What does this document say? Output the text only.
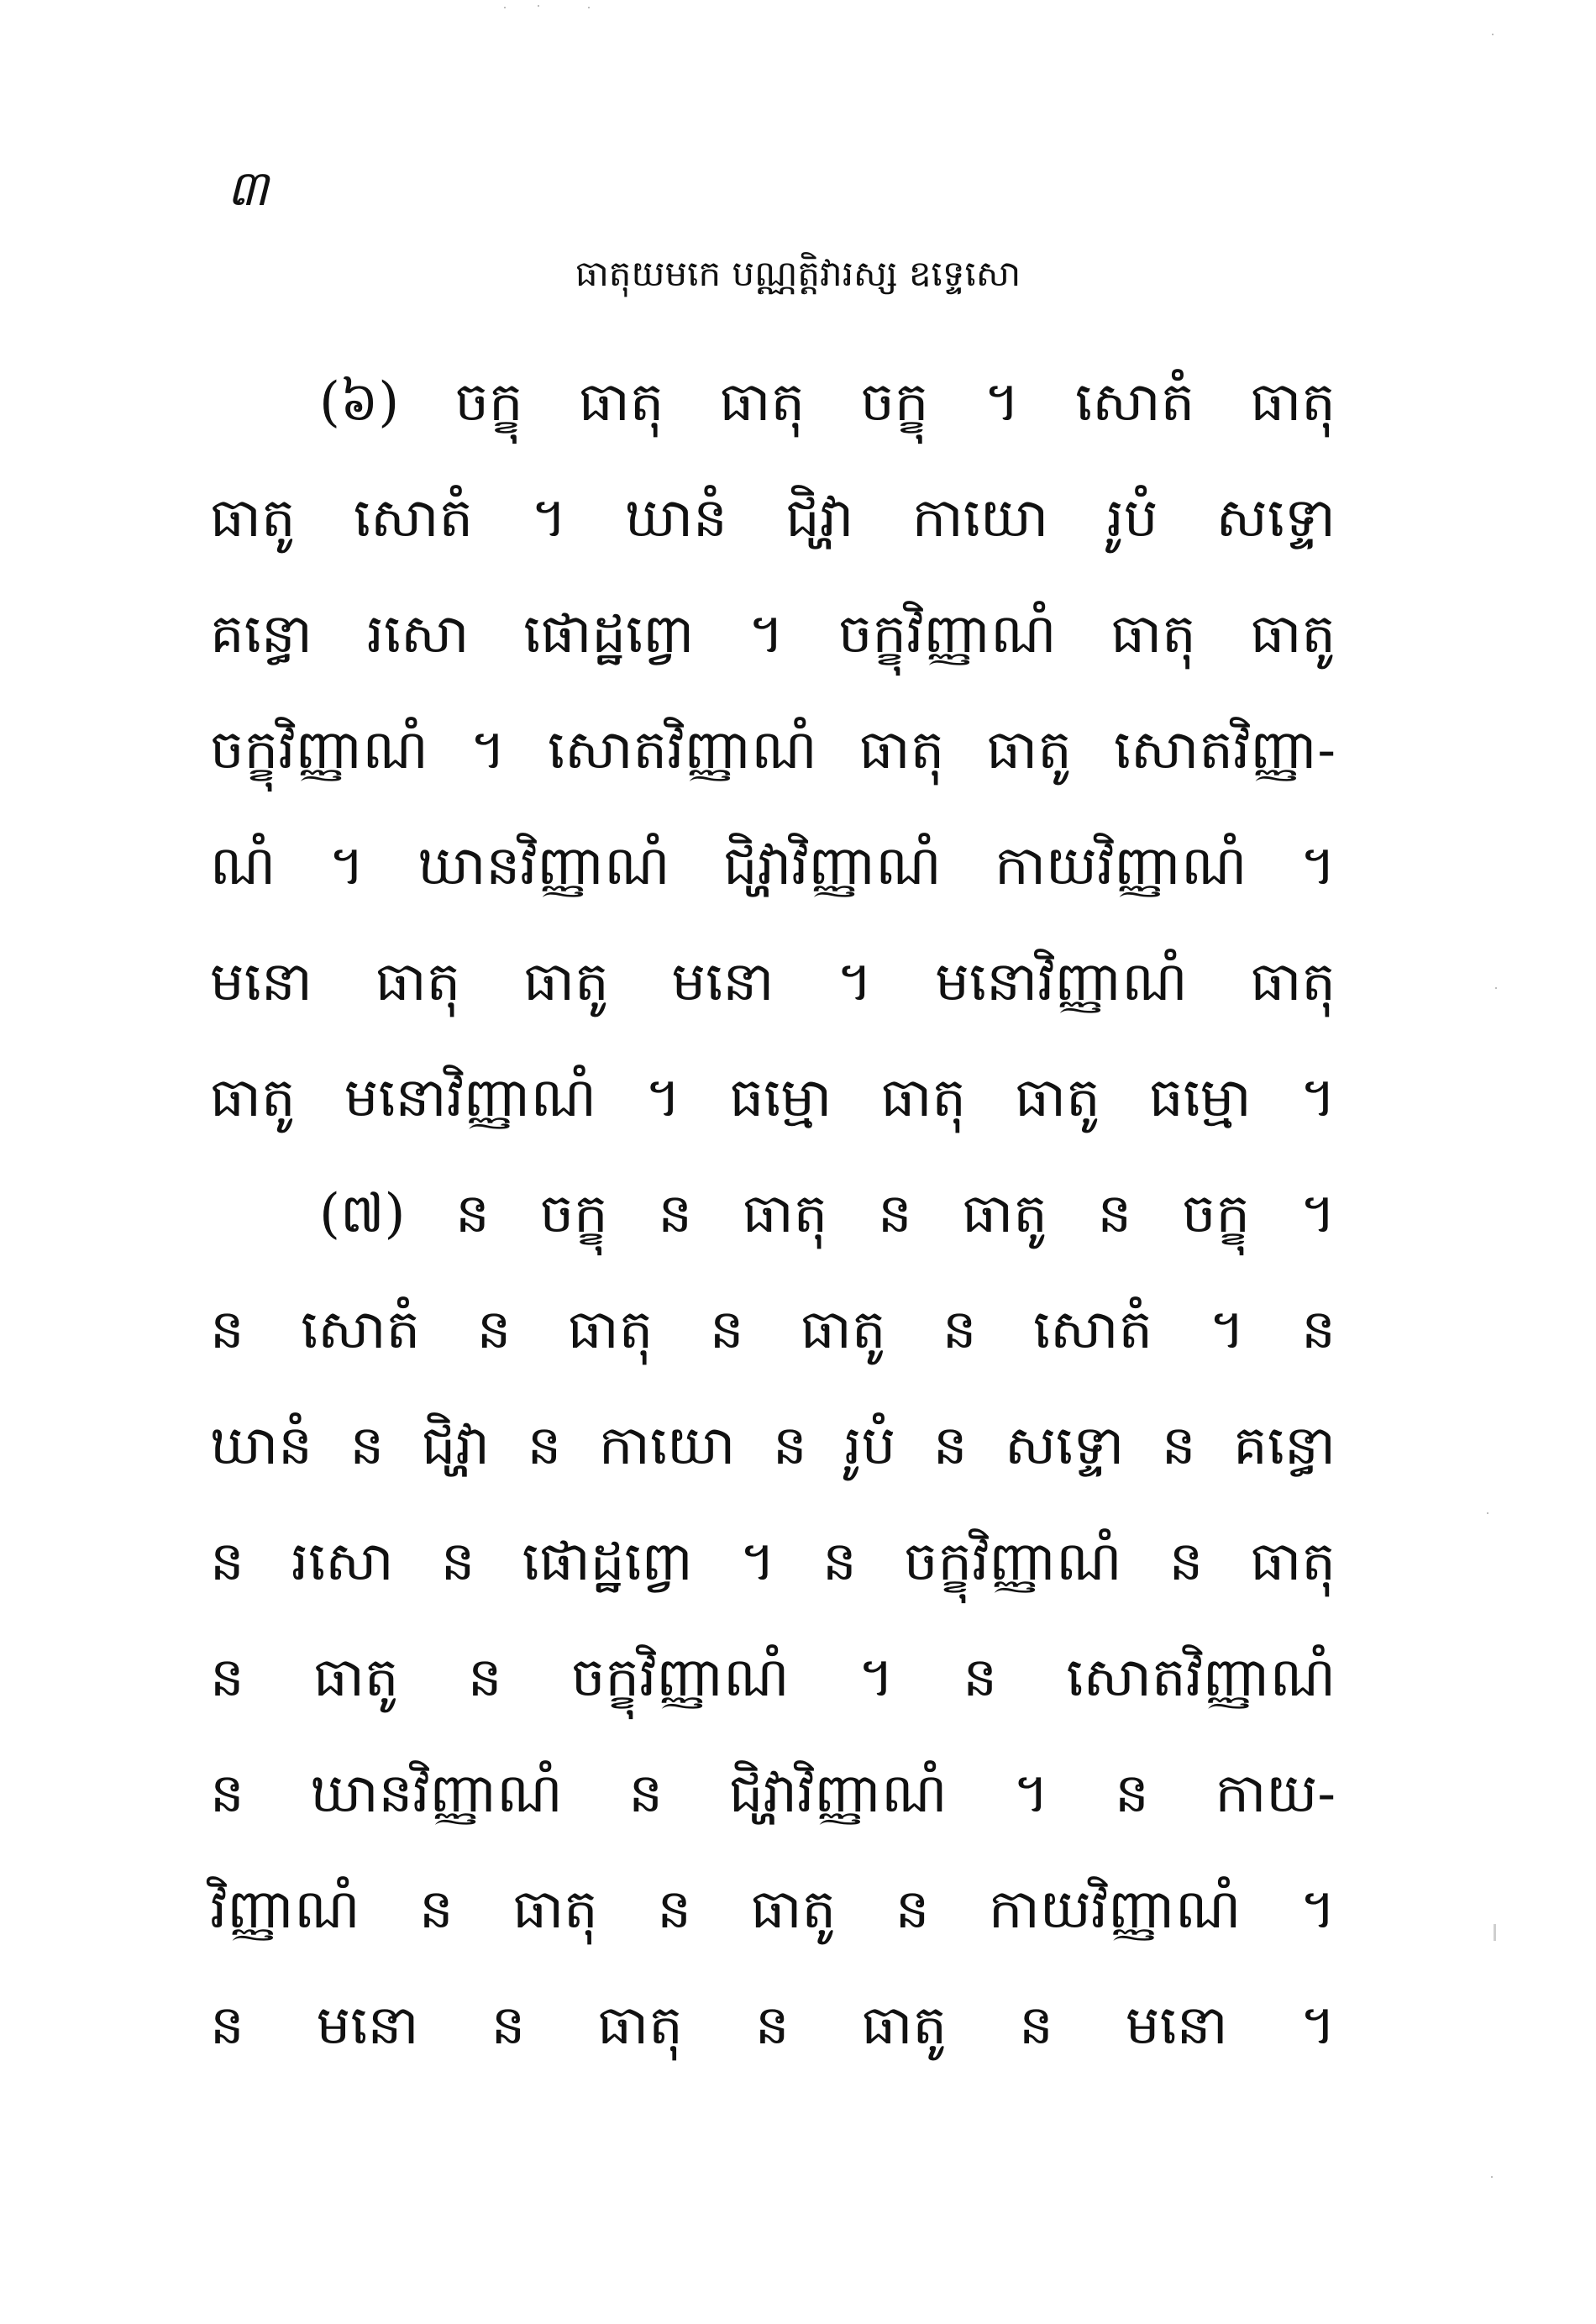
៣
ធាតុយមកេ បណ្ណត្តិវារស្ស ឧទ្ទេសោ
(៦) ចក្ខុ ធាតុ ធាតុ ចក្ខុ ។ សោតំ ធាតុ
ធាតូ សោតំ ។ ឃានំ ជិវ្ហា កាយោ រូបំ សទ្ទោ
គន្ធោ រសោ ផោដ្ឋព្វោ ។ ចក្ខុវិញ្ញាណំ ធាតុ ធាតូ
ចក្ខុវិញ្ញាណំ ។ សោតវិញ្ញាណំ ធាតុ ធាតូ សោតវិញ្ញា-
ណំ ។ ឃានវិញ្ញាណំ ជិវ្ហាវិញ្ញាណំ កាយវិញ្ញាណំ ។
មនោ ធាតុ ធាតូ មនោ ។ មនោវិញ្ញាណំ ធាតុ
ធាតូ មនោវិញ្ញាណំ ។ ធម្មោ ធាតុ ធាតូ ធម្មោ ។
(៧) ន ចក្ខុ ន ធាតុ ន ធាតូ ន ចក្ខុ ។
ន សោតំ ន ធាតុ ន ធាតូ ន សោតំ ។ ន
ឃានំ ន ជិវ្ហា ន កាយោ ន រូបំ ន សទ្ទោ ន គន្ធោ
ន រសោ ន ផោដ្ឋព្វោ ។ ន ចក្ខុវិញ្ញាណំ ន ធាតុ
ន ធាតូ ន ចក្ខុវិញ្ញាណំ ។ ន សោតវិញ្ញាណំ
ន ឃានវិញ្ញាណំ ន ជិវ្ហាវិញ្ញាណំ ។ ន កាយ-
វិញ្ញាណំ ន ធាតុ ន ធាតូ ន កាយវិញ្ញាណំ ។
ន មនោ ន ធាតុ ន ធាតូ ន មនោ ។
